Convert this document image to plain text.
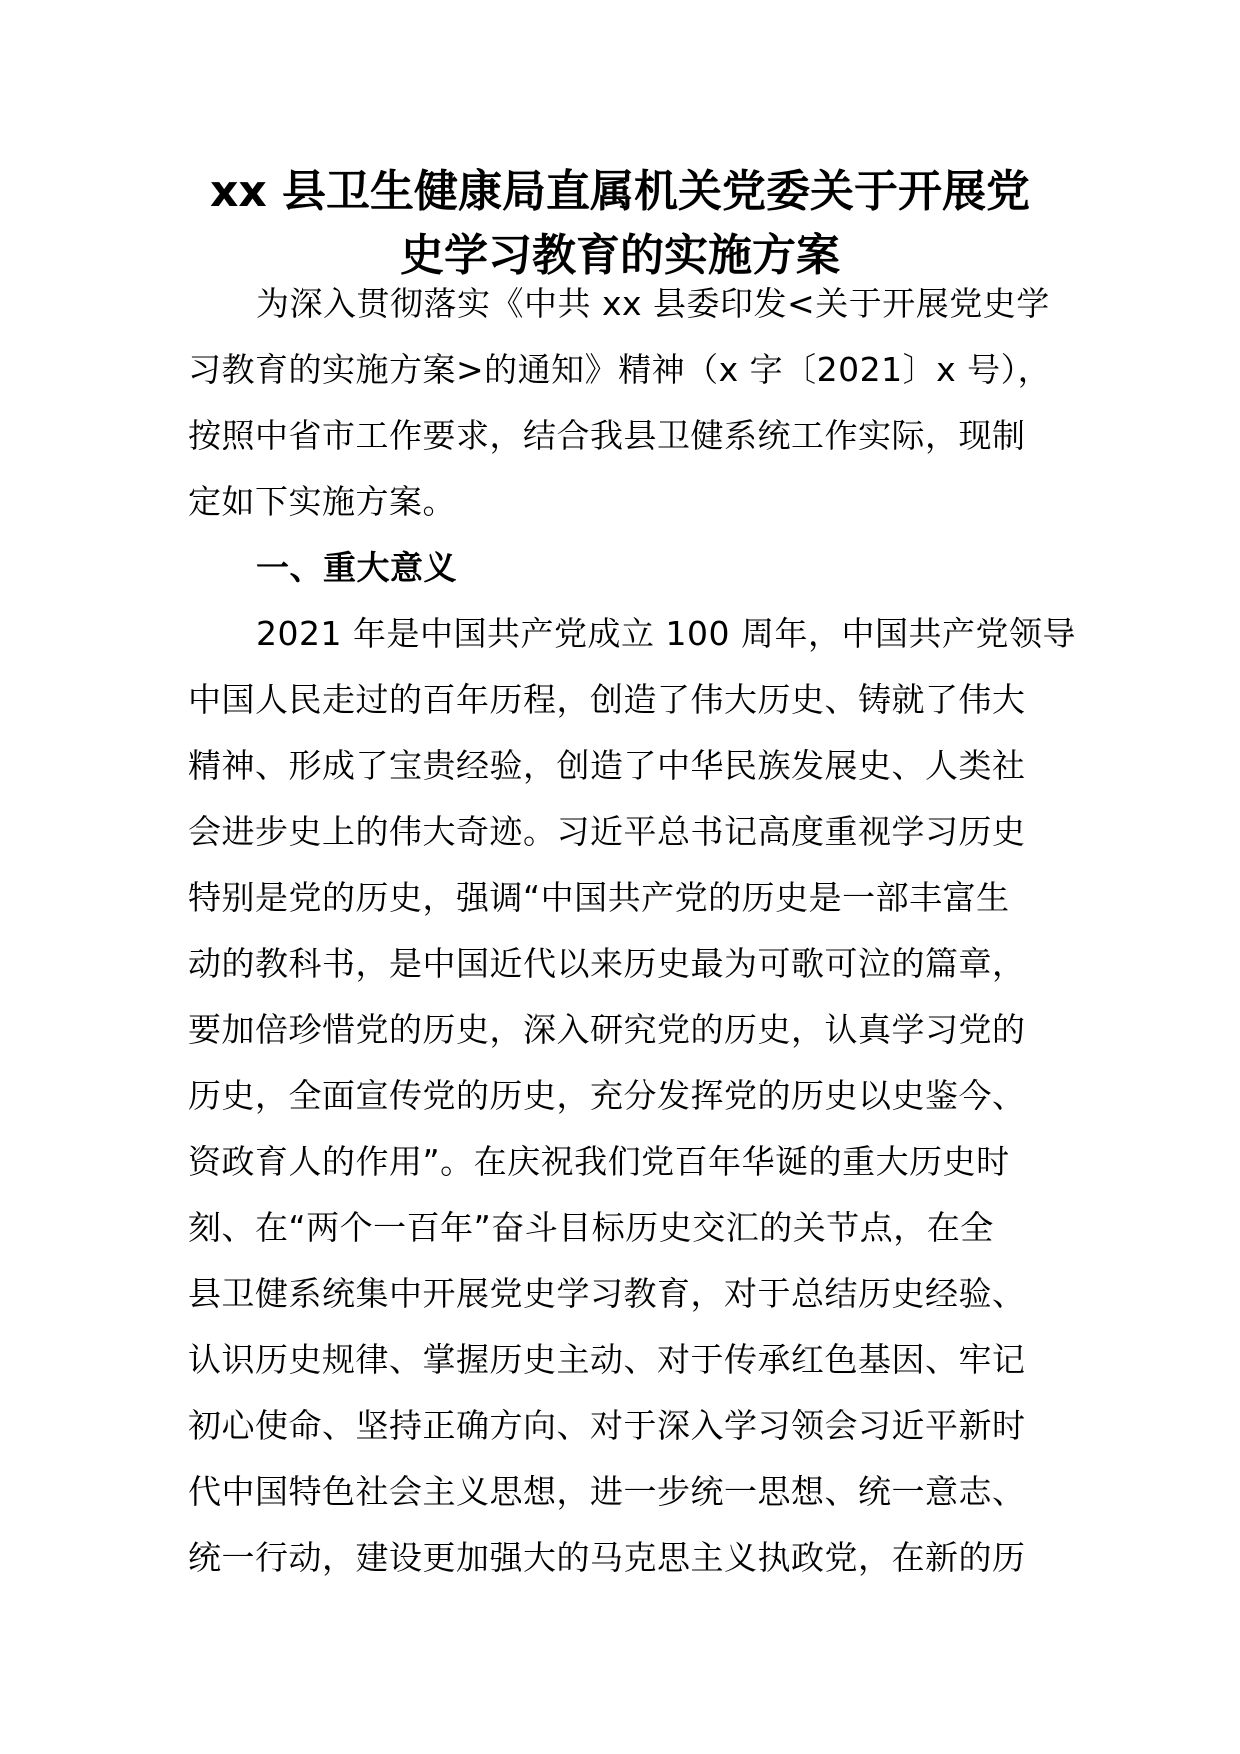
xx 县卫生健康局直属机关党委关于开展党
史学习教育的实施方案
为深入贯彻落实《中共 xx 县委印发<关于开展党史学
习教育的实施方案>的通知》精神（x 字〔2021〕x 号），
按照中省市工作要求，结合我县卫健系统工作实际，现制
定如下实施方案。
一、重大意义
2021 年是中国共产党成立 100 周年，中国共产党领导
中国人民走过的百年历程，创造了伟大历史、铸就了伟大
精神、形成了宝贵经验，创造了中华民族发展史、人类社
会进步史上的伟大奇迹。习近平总书记高度重视学习历史
特别是党的历史，强调“中国共产党的历史是一部丰富生
动的教科书，是中国近代以来历史最为可歌可泣的篇章，
要加倍珍惜党的历史，深入研究党的历史，认真学习党的
历史，全面宣传党的历史，充分发挥党的历史以史鉴今、
资政育人的作用”。在庆祝我们党百年华诞的重大历史时
刻、在“两个一百年”奋斗目标历史交汇的关节点，在全
县卫健系统集中开展党史学习教育，对于总结历史经验、
认识历史规律、掌握历史主动、对于传承红色基因、牢记
初心使命、坚持正确方向、对于深入学习领会习近平新时
代中国特色社会主义思想，进一步统一思想、统一意志、
统一行动，建设更加强大的马克思主义执政党，在新的历
